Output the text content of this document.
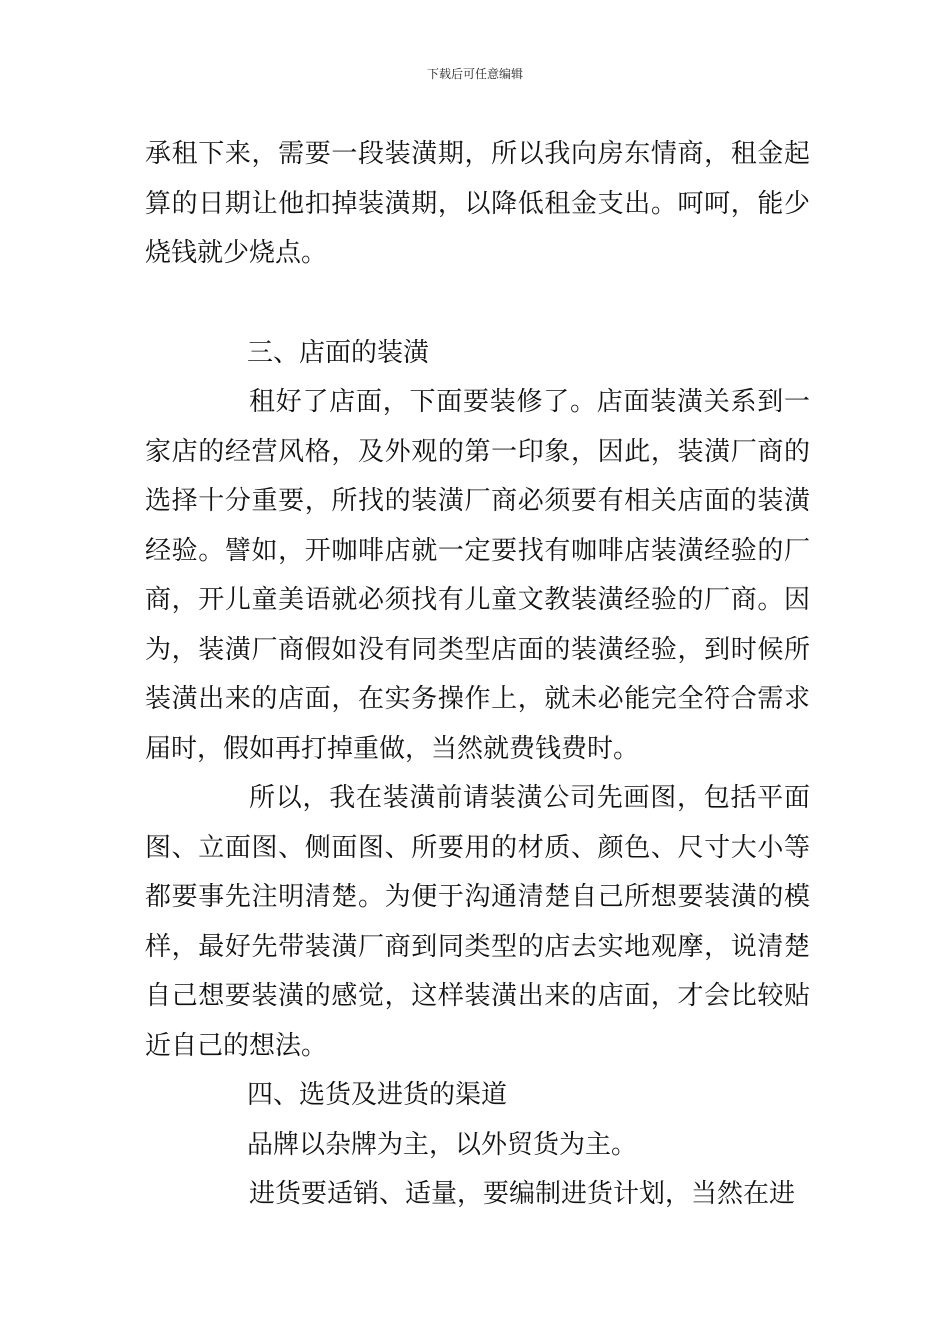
下载后可任意编辑

承租下来，需要一段装潢期，所以我向房东情商，租金起算的日期让他扣掉装潢期，以降低租金支出。呵呵，能少烧钱就少烧点。

三、店面的装潢

租好了店面，下面要装修了。店面装潢关系到一家店的经营风格，及外观的第一印象，因此，装潢厂商的选择十分重要，所找的装潢厂商必须要有相关店面的装潢经验。譬如，开咖啡店就一定要找有咖啡店装潢经验的厂商，开儿童美语就必须找有儿童文教装潢经验的厂商。因为，装潢厂商假如没有同类型店面的装潢经验，到时候所装潢出来的店面，在实务操作上，就未必能完全符合需求届时，假如再打掉重做，当然就费钱费时。

所以，我在装潢前请装潢公司先画图，包括平面图、立面图、侧面图、所要用的材质、颜色、尺寸大小等都要事先注明清楚。为便于沟通清楚自己所想要装潢的模样，最好先带装潢厂商到同类型的店去实地观摩，说清楚自己想要装潢的感觉，这样装潢出来的店面，才会比较贴近自己的想法。

四、选货及进货的渠道

品牌以杂牌为主，以外贸货为主。

进货要适销、适量，要编制进货计划，当然在进
